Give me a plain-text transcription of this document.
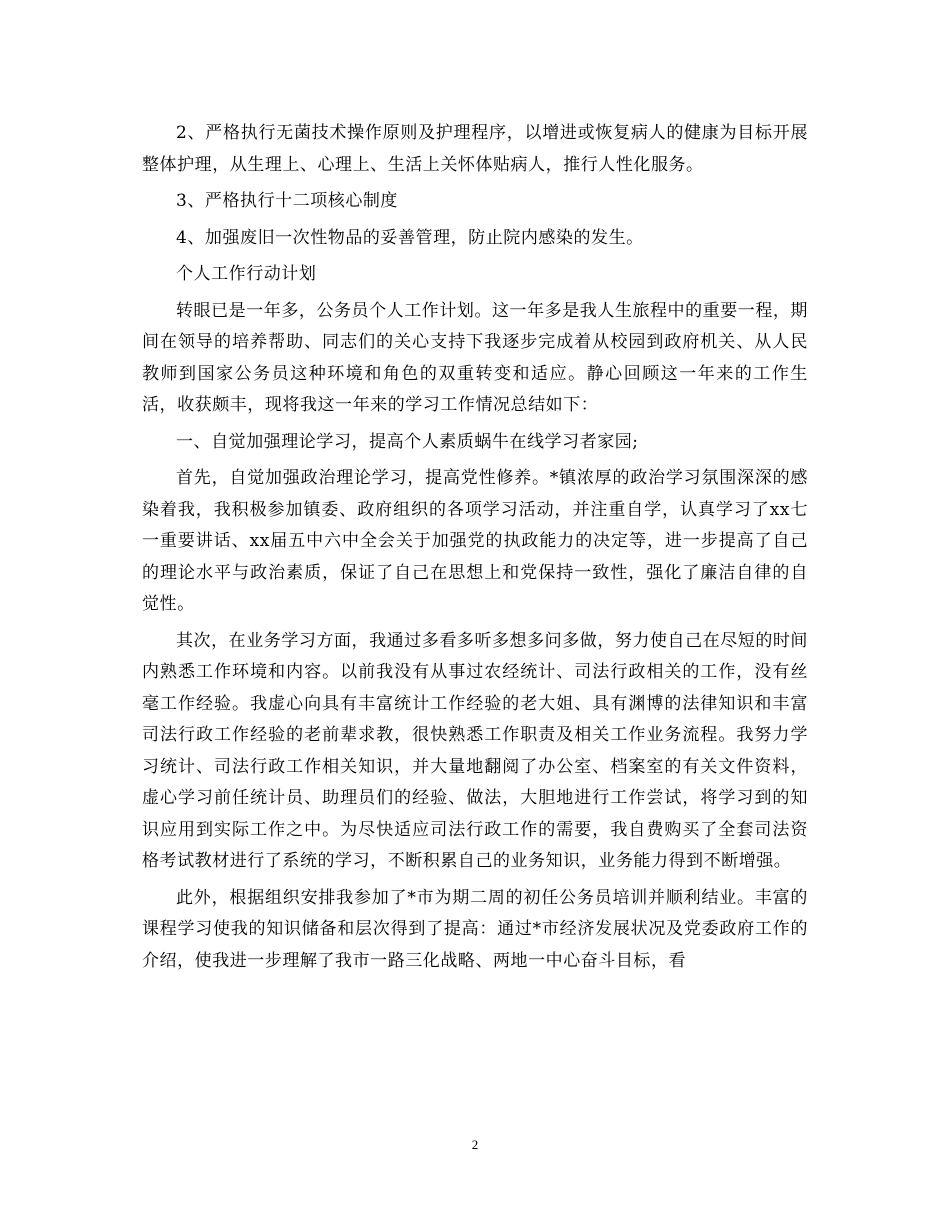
2、严格执行无菌技术操作原则及护理程序，以增进或恢复病人的健康为目标开展整体护理，从生理上、心理上、生活上关怀体贴病人，推行人性化服务。

3、严格执行十二项核心制度

4、加强废旧一次性物品的妥善管理，防止院内感染的发生。

个人工作行动计划

转眼已是一年多，公务员个人工作计划。这一年多是我人生旅程中的重要一程，期间在领导的培养帮助、同志们的关心支持下我逐步完成着从校园到政府机关、从人民教师到国家公务员这种环境和角色的双重转变和适应。静心回顾这一年来的工作生活，收获颇丰，现将我这一年来的学习工作情况总结如下：

一、自觉加强理论学习，提高个人素质蜗牛在线学习者家园;

首先，自觉加强政治理论学习，提高党性修养。*镇浓厚的政治学习氛围深深的感染着我，我积极参加镇委、政府组织的各项学习活动，并注重自学，认真学习了xx七一重要讲话、xx届五中六中全会关于加强党的执政能力的决定等，进一步提高了自己的理论水平与政治素质，保证了自己在思想上和党保持一致性，强化了廉洁自律的自觉性。

其次，在业务学习方面，我通过多看多听多想多问多做，努力使自己在尽短的时间内熟悉工作环境和内容。以前我没有从事过农经统计、司法行政相关的工作，没有丝毫工作经验。我虚心向具有丰富统计工作经验的老大姐、具有渊博的法律知识和丰富司法行政工作经验的老前辈求教，很快熟悉工作职责及相关工作业务流程。我努力学习统计、司法行政工作相关知识，并大量地翻阅了办公室、档案室的有关文件资料，虚心学习前任统计员、助理员们的经验、做法，大胆地进行工作尝试，将学习到的知识应用到实际工作之中。为尽快适应司法行政工作的需要，我自费购买了全套司法资格考试教材进行了系统的学习，不断积累自己的业务知识，业务能力得到不断增强。

此外，根据组织安排我参加了*市为期二周的初任公务员培训并顺利结业。丰富的课程学习使我的知识储备和层次得到了提高：通过*市经济发展状况及党委政府工作的介绍，使我进一步理解了我市一路三化战略、两地一中心奋斗目标，看

2
